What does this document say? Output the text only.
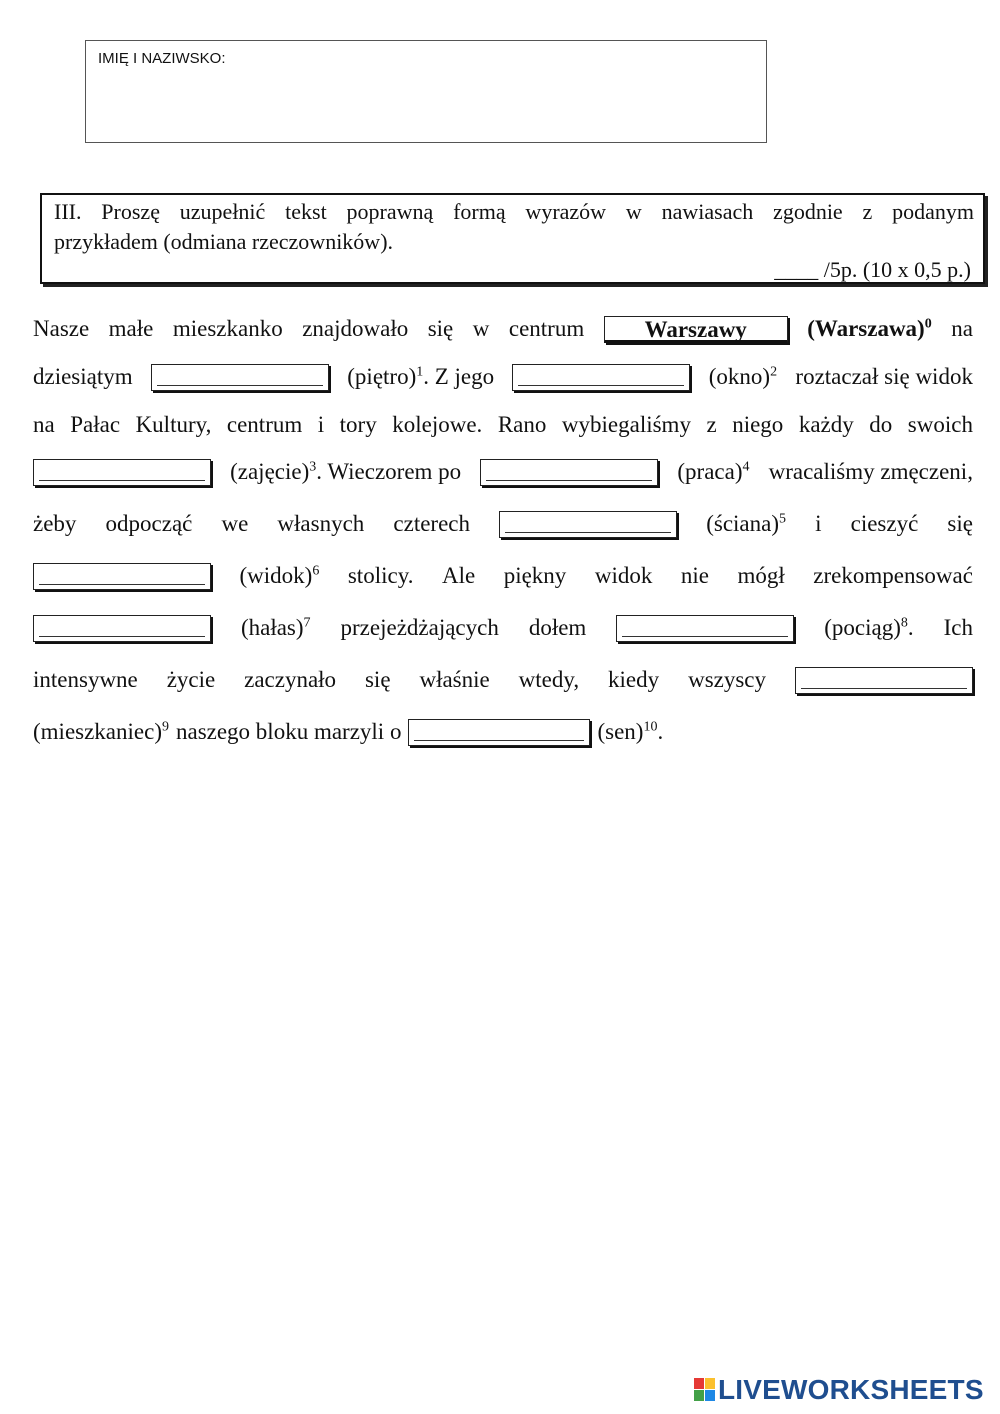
IMIĘ I NAZIWSKO:
III. Proszę uzupełnić tekst poprawną formą wyrazów w nawiasach zgodnie z podanym
przykładem (odmiana rzeczowników).
____ /5p. (10 x 0,5 p.)
Nasze małe mieszkanko znajdowało się w centrum	Warszawy	(Warszawa)$^0$ na
dziesiątym	(piętro)$^1$. Z jego	(okno)$^2$ roztaczał się widok
na Pałac Kultury, centrum i tory kolejowe. Rano wybiegaliśmy z niego każdy do swoich
(zajęcie)$^3$. Wieczorem po	(praca)$^4$ wracaliśmy zmęczeni,
żeby odpocząć we własnych czterech	(ściana)$^5$ i cieszyć się
(widok)$^6$ stolicy. Ale piękny widok nie mógł zrekompensować
(hałas)$^7$ przejeżdżających dołem	(pociąg)$^8$. Ich
intensywne życie zaczynało się właśnie wtedy, kiedy wszyscy
(mieszkaniec)$^9$ naszego bloku marzyli o	(sen)$^{10}$.
LIVEWORKSHEETS
